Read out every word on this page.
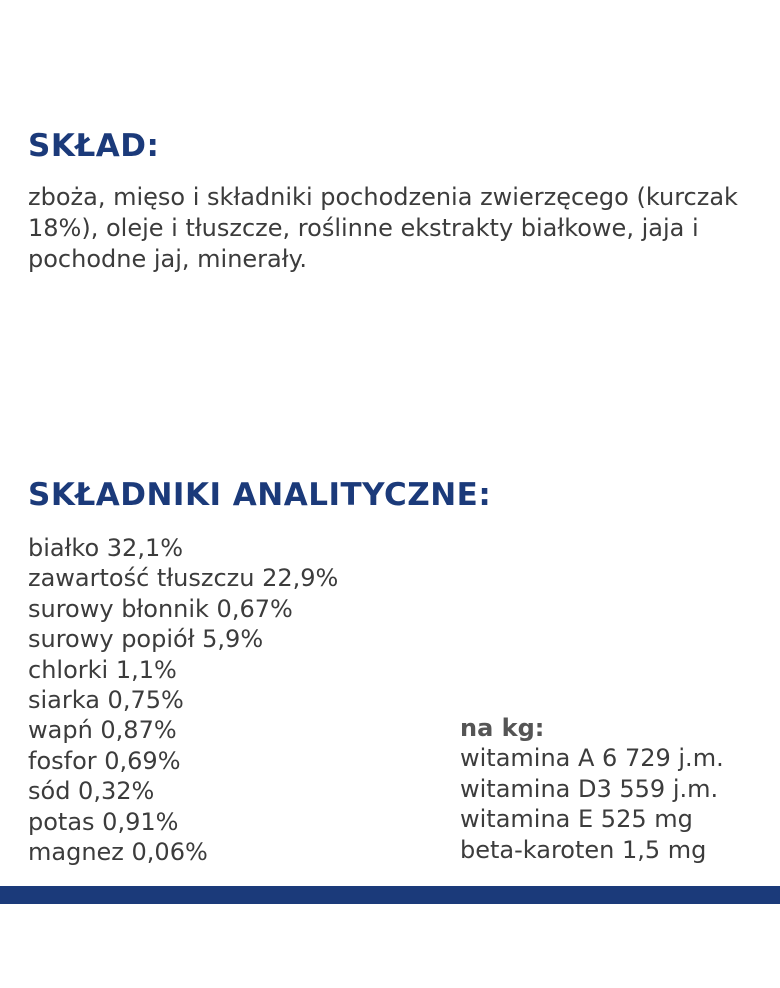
SKŁAD:

zboża, mięso i składniki pochodzenia zwierzęcego (kurczak 18%), oleje i tłuszcze, roślinne ekstrakty białkowe, jaja i pochodne jaj, minerały.

SKŁADNIKI ANALITYCZNE:
białko 32,1%
zawartość tłuszczu 22,9%
surowy błonnik 0,67%
surowy popiół 5,9%
chlorki 1,1%
siarka 0,75%
wapń 0,87%
fosfor 0,69%
sód 0,32%
potas 0,91%
magnez 0,06%
na kg:
witamina A 6 729 j.m.
witamina D3 559 j.m.
witamina E 525 mg
beta-karoten 1,5 mg
